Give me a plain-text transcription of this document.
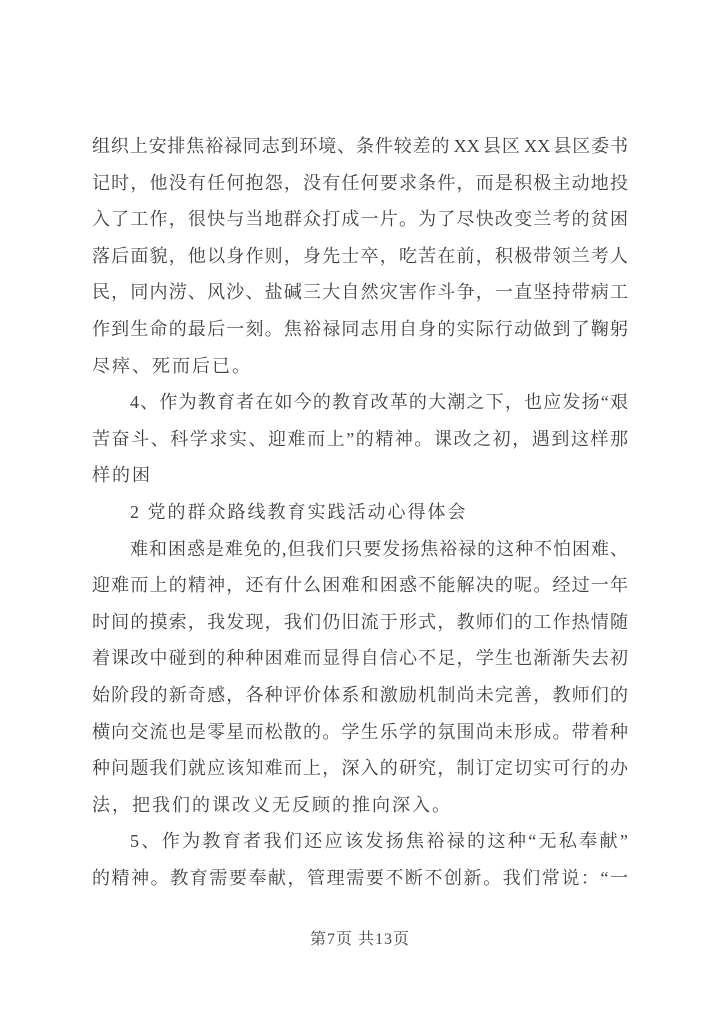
组织上安排焦裕禄同志到环境、条件较差的 XX 县区 XX 县区委书
记时，他没有任何抱怨，没有任何要求条件，而是积极主动地投
入了工作，很快与当地群众打成一片。为了尽快改变兰考的贫困
落后面貌，他以身作则，身先士卒，吃苦在前，积极带领兰考人
民，同内涝、风沙、盐碱三大自然灾害作斗争，一直坚持带病工
作到生命的最后一刻。焦裕禄同志用自身的实际行动做到了鞠躬
尽瘁、死而后已。
4、作为教育者在如今的教育改革的大潮之下，也应发扬“艰
苦奋斗、科学求实、迎难而上”的精神。课改之初，遇到这样那
样的困
2 党的群众路线教育实践活动心得体会
难和困惑是难免的,但我们只要发扬焦裕禄的这种不怕困难、
迎难而上的精神，还有什么困难和困惑不能解决的呢。经过一年
时间的摸索，我发现，我们仍旧流于形式，教师们的工作热情随
着课改中碰到的种种困难而显得自信心不足，学生也渐渐失去初
始阶段的新奇感，各种评价体系和激励机制尚未完善，教师们的
横向交流也是零星而松散的。学生乐学的氛围尚未形成。带着种
种问题我们就应该知难而上，深入的研究，制订定切实可行的办
法，把我们的课改义无反顾的推向深入。
5、作为教育者我们还应该发扬焦裕禄的这种“无私奉献”
的精神。教育需要奉献，管理需要不断不创新。我们常说：“一
第7页 共13页
